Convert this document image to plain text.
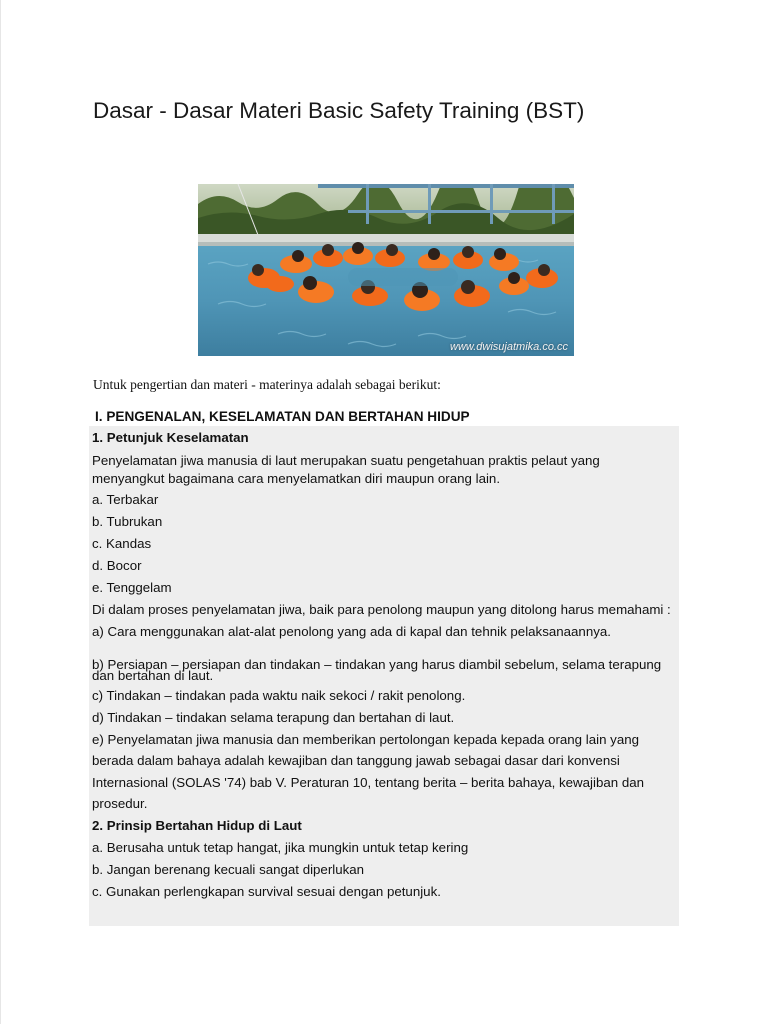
Dasar - Dasar Materi Basic Safety Training (BST)
www.dwisujatmika.co.cc

Untuk pengertian dan materi - materinya adalah sebagai berikut:

I. PENGENALAN, KESELAMATAN DAN BERTAHAN HIDUP

1. Petunjuk Keselamatan

Penyelamatan jiwa manusia di laut merupakan suatu pengetahuan praktis pelaut yang menyangkut bagaimana cara menyelamatkan diri maupun orang lain.

a. Terbakar

b. Tubrukan

c. Kandas

d. Bocor

e. Tenggelam

Di dalam proses penyelamatan jiwa, baik para penolong maupun yang ditolong harus memahami :

a) Cara menggunakan alat-alat penolong yang ada di kapal dan tehnik pelaksanaannya.

b) Persiapan – persiapan dan tindakan – tindakan yang harus diambil sebelum, selama terapung dan bertahan di laut.

c) Tindakan – tindakan pada waktu naik sekoci / rakit penolong.

d) Tindakan – tindakan selama terapung dan bertahan di laut.

e) Penyelamatan jiwa manusia dan memberikan pertolongan kepada kepada orang lain yang berada dalam bahaya adalah kewajiban dan tanggung jawab sebagai dasar dari konvensi Internasional (SOLAS '74) bab V. Peraturan 10, tentang berita – berita bahaya, kewajiban dan prosedur.

2. Prinsip Bertahan Hidup di Laut

a. Berusaha untuk tetap hangat, jika mungkin untuk tetap kering

b. Jangan berenang kecuali sangat diperlukan

c. Gunakan perlengkapan survival sesuai dengan petunjuk.
